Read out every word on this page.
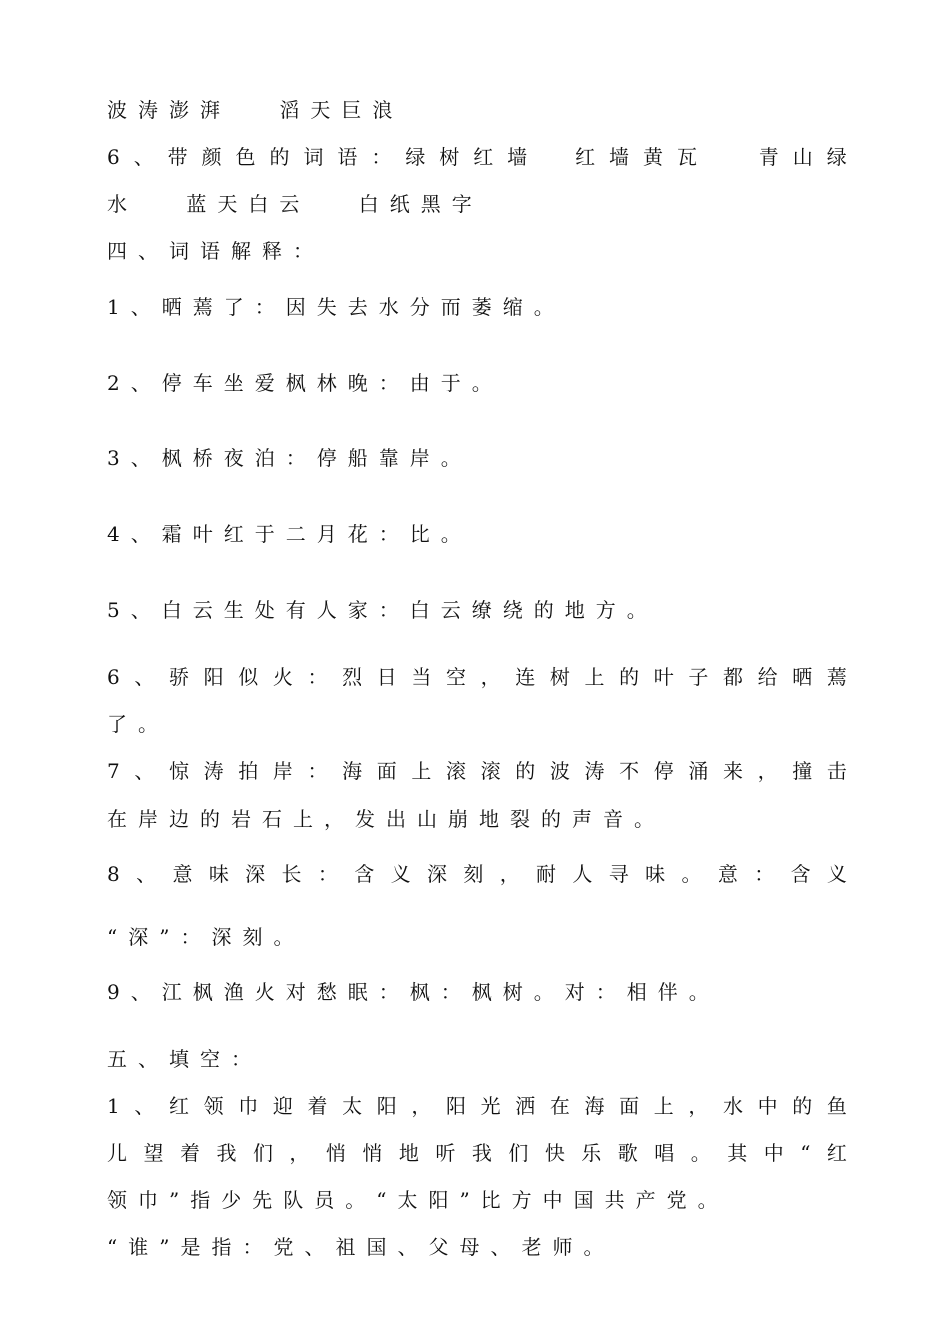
波涛澎湃　 滔天巨浪
6 、 带 颜 色 的 词 语 ： 绿 树 红 墙
　 红 墙 黄 瓦
　	青 山 绿
水　 蓝天白云　 白纸黑字
四、词语解释：
1、晒蔫了：因失去水分而萎缩。
2、停车坐爱枫林晚：由于。
3、枫桥夜泊：停船靠岸。
4、霜叶红于二月花：比。
5、白云生处有人家：白云缭绕的地方。
6 、 骄 阳 似 火 ： 烈 日 当 空 ， 连 树 上 的 叶 子 都 给 晒 蔫
了。
7 、 惊 涛 拍 岸 ： 海 面 上 滚 滚 的 波 涛 不 停 涌 来 ， 撞 击
在岸边的岩石上，发出山崩地裂的声音。
8 、 意 味 深 长 ： 含 义 深 刻 ， 耐 人 寻 味 。 意 ： 含 义
“深”：深刻。
9、江枫渔火对愁眠：枫：枫树。对：相伴。
五、填空：
1 、 红 领 巾 迎 着 太 阳 ， 阳 光 洒 在 海 面 上 ， 水 中 的 鱼
儿 望 着 我 们 ， 悄 悄 地 听 我 们 快 乐 歌 唱 。 其 中 “ 红
领巾”指少先队员。“太阳”比方中国共产党。
“谁”是指：党、祖国、父母、老师。
